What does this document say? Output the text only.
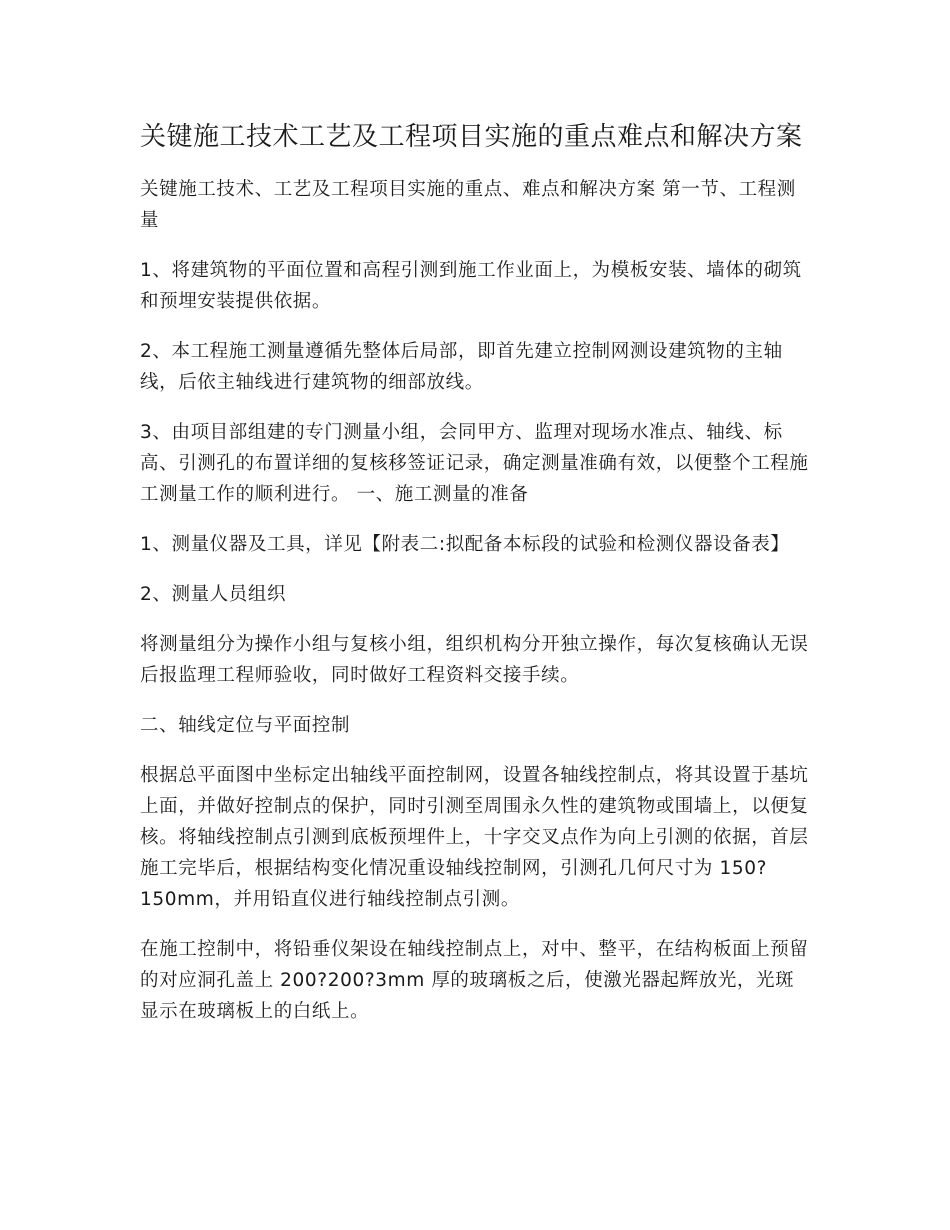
关键施工技术工艺及工程项目实施的重点难点和解决方案

关键施工技术、工艺及工程项目实施的重点、难点和解决方案 第一节、工程测量

1、将建筑物的平面位置和高程引测到施工作业面上，为模板安装、墙体的砌筑和预埋安装提供依据。

2、本工程施工测量遵循先整体后局部，即首先建立控制网测设建筑物的主轴线，后依主轴线进行建筑物的细部放线。

3、由项目部组建的专门测量小组，会同甲方、监理对现场水准点、轴线、标高、引测孔的布置详细的复核移签证记录，确定测量准确有效，以便整个工程施工测量工作的顺利进行。 一、施工测量的准备

1、测量仪器及工具，详见【附表二:拟配备本标段的试验和检测仪器设备表】

2、测量人员组织

将测量组分为操作小组与复核小组，组织机构分开独立操作，每次复核确认无误后报监理工程师验收，同时做好工程资料交接手续。

二、轴线定位与平面控制

根据总平面图中坐标定出轴线平面控制网，设置各轴线控制点，将其设置于基坑上面，并做好控制点的保护，同时引测至周围永久性的建筑物或围墙上，以便复核。将轴线控制点引测到底板预埋件上，十字交叉点作为向上引测的依据，首层施工完毕后，根据结构变化情况重设轴线控制网，引测孔几何尺寸为 150?150mm，并用铅直仪进行轴线控制点引测。

在施工控制中，将铅垂仪架设在轴线控制点上，对中、整平，在结构板面上预留的对应洞孔盖上 200?200?3mm 厚的玻璃板之后，使激光器起辉放光，光斑显示在玻璃板上的白纸上。
